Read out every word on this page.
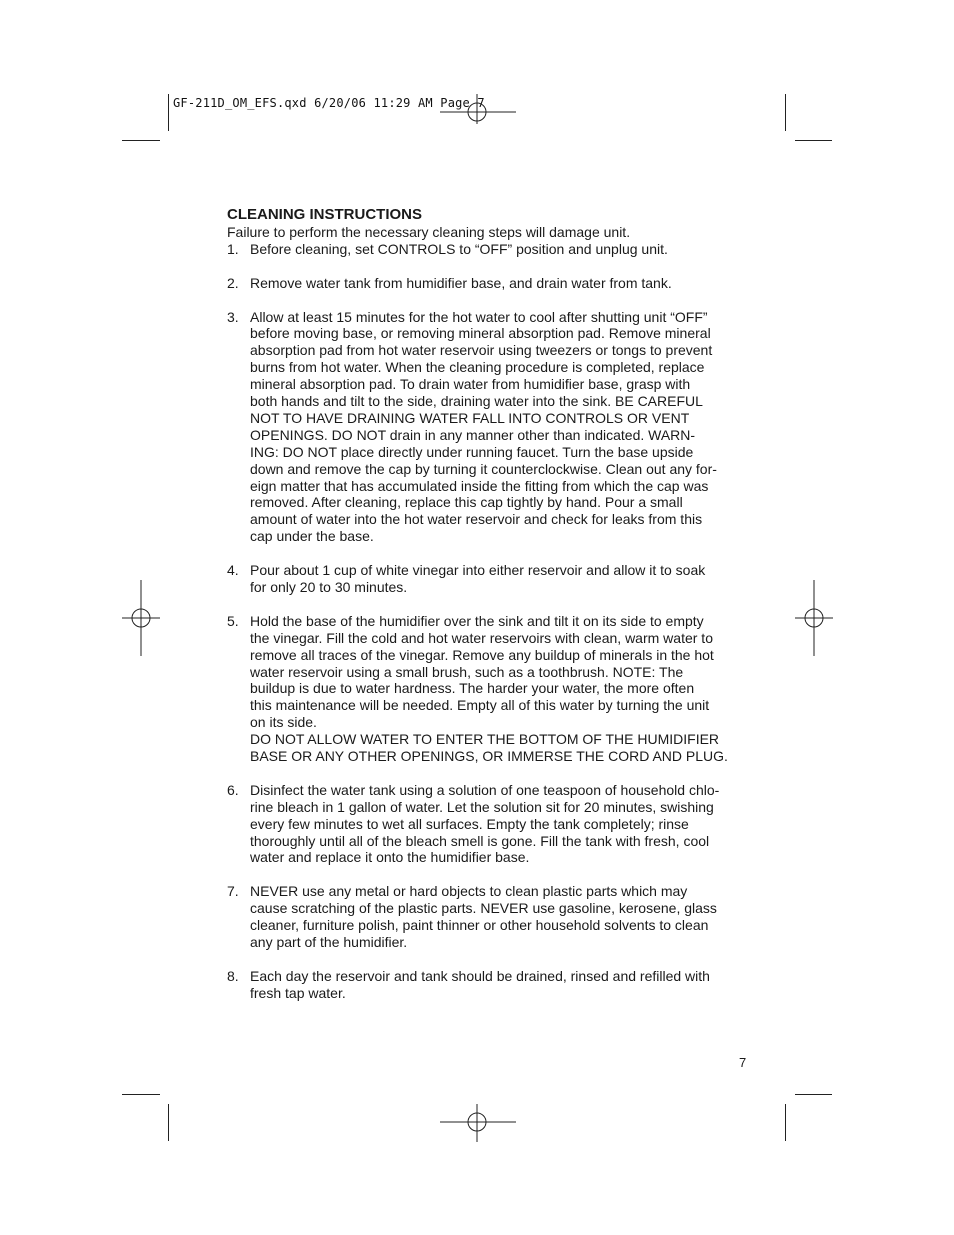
GF-211D_OM_EFS.qxd 6/20/06 11:29 AM Page 7
CLEANING INSTRUCTIONS

Failure to perform the necessary cleaning steps will damage unit.

1. Before cleaning, set CONTROLS to “OFF” position and unplug unit.

2. Remove water tank from humidifier base, and drain water from tank.

3. Allow at least 15 minutes for the hot water to cool after shutting unit “OFF”
before moving base, or removing mineral absorption pad. Remove mineral
absorption pad from hot water reservoir using tweezers or tongs to prevent
burns from hot water. When the cleaning procedure is completed, replace
mineral absorption pad. To drain water from humidifier base, grasp with
both hands and tilt to the side, draining water into the sink. BE CAREFUL
NOT TO HAVE DRAINING WATER FALL INTO CONTROLS OR VENT
OPENINGS. DO NOT drain in any manner other than indicated. WARN-
ING: DO NOT place directly under running faucet. Turn the base upside
down and remove the cap by turning it counterclockwise. Clean out any for-
eign matter that has accumulated inside the fitting from which the cap was
removed. After cleaning, replace this cap tightly by hand. Pour a small
amount of water into the hot water reservoir and check for leaks from this
cap under the base.

4. Pour about 1 cup of white vinegar into either reservoir and allow it to soak
for only 20 to 30 minutes.

5. Hold the base of the humidifier over the sink and tilt it on its side to empty
the vinegar. Fill the cold and hot water reservoirs with clean, warm water to
remove all traces of the vinegar. Remove any buildup of minerals in the hot
water reservoir using a small brush, such as a toothbrush. NOTE: The
buildup is due to water hardness. The harder your water, the more often
this maintenance will be needed. Empty all of this water by turning the unit
on its side.
DO NOT ALLOW WATER TO ENTER THE BOTTOM OF THE HUMIDIFIER
BASE OR ANY OTHER OPENINGS, OR IMMERSE THE CORD AND PLUG.

6. Disinfect the water tank using a solution of one teaspoon of household chlo-
rine bleach in 1 gallon of water. Let the solution sit for 20 minutes, swishing
every few minutes to wet all surfaces. Empty the tank completely; rinse
thoroughly until all of the bleach smell is gone. Fill the tank with fresh, cool
water and replace it onto the humidifier base.

7. NEVER use any metal or hard objects to clean plastic parts which may
cause scratching of the plastic parts. NEVER use gasoline, kerosene, glass
cleaner, furniture polish, paint thinner or other household solvents to clean
any part of the humidifier.

8. Each day the reservoir and tank should be drained, rinsed and refilled with
fresh tap water.

7
